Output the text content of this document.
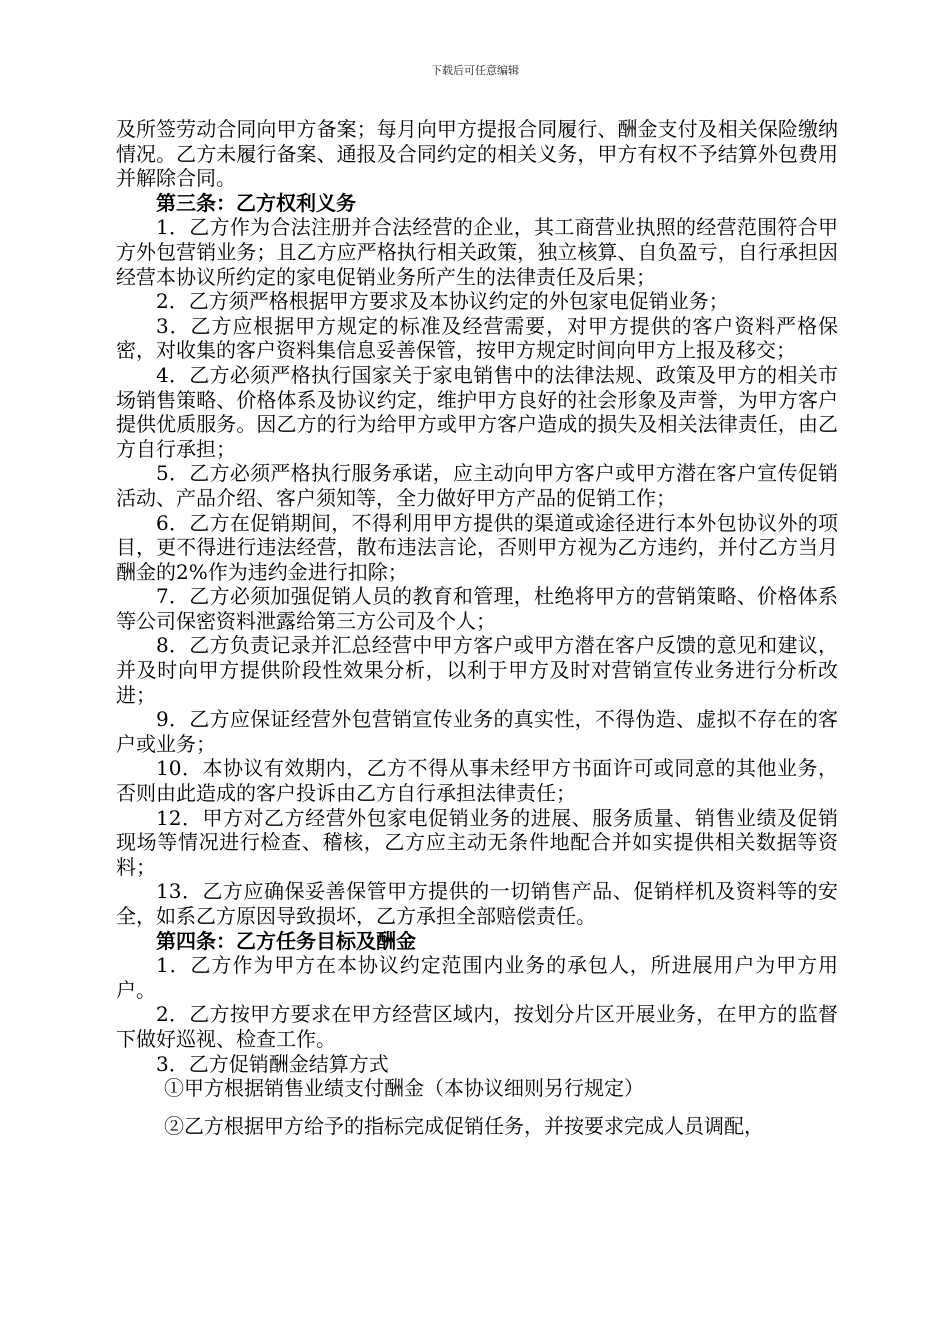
下载后可任意编辑

及所签劳动合同向甲方备案；每月向甲方提报合同履行、酬金支付及相关保险缴纳情况。乙方未履行备案、通报及合同约定的相关义务，甲方有权不予结算外包费用并解除合同。

第三条：乙方权利义务

1．乙方作为合法注册并合法经营的企业，其工商营业执照的经营范围符合甲方外包营销业务；且乙方应严格执行相关政策，独立核算、自负盈亏，自行承担因经营本协议所约定的家电促销业务所产生的法律责任及后果；

2．乙方须严格根据甲方要求及本协议约定的外包家电促销业务；

3．乙方应根据甲方规定的标准及经营需要，对甲方提供的客户资料严格保密，对收集的客户资料集信息妥善保管，按甲方规定时间向甲方上报及移交；

4．乙方必须严格执行国家关于家电销售中的法律法规、政策及甲方的相关市场销售策略、价格体系及协议约定，维护甲方良好的社会形象及声誉，为甲方客户提供优质服务。因乙方的行为给甲方或甲方客户造成的损失及相关法律责任，由乙方自行承担；

5．乙方必须严格执行服务承诺，应主动向甲方客户或甲方潜在客户宣传促销活动、产品介绍、客户须知等，全力做好甲方产品的促销工作；

6．乙方在促销期间，不得利用甲方提供的渠道或途径进行本外包协议外的项目，更不得进行违法经营，散布违法言论，否则甲方视为乙方违约，并付乙方当月酬金的2%作为违约金进行扣除；

7．乙方必须加强促销人员的教育和管理，杜绝将甲方的营销策略、价格体系等公司保密资料泄露给第三方公司及个人；

8．乙方负责记录并汇总经营中甲方客户或甲方潜在客户反馈的意见和建议，并及时向甲方提供阶段性效果分析，以利于甲方及时对营销宣传业务进行分析改进；

9．乙方应保证经营外包营销宣传业务的真实性，不得伪造、虚拟不存在的客户或业务；

10．本协议有效期内，乙方不得从事未经甲方书面许可或同意的其他业务，否则由此造成的客户投诉由乙方自行承担法律责任；

12．甲方对乙方经营外包家电促销业务的进展、服务质量、销售业绩及促销现场等情况进行检查、稽核，乙方应主动无条件地配合并如实提供相关数据等资料；

13．乙方应确保妥善保管甲方提供的一切销售产品、促销样机及资料等的安全，如系乙方原因导致损坏，乙方承担全部赔偿责任。

第四条：乙方任务目标及酬金

1．乙方作为甲方在本协议约定范围内业务的承包人，所进展用户为甲方用户。

2．乙方按甲方要求在甲方经营区域内，按划分片区开展业务，在甲方的监督下做好巡视、检查工作。

3．乙方促销酬金结算方式

①甲方根据销售业绩支付酬金（本协议细则另行规定）

②乙方根据甲方给予的指标完成促销任务，并按要求完成人员调配，
